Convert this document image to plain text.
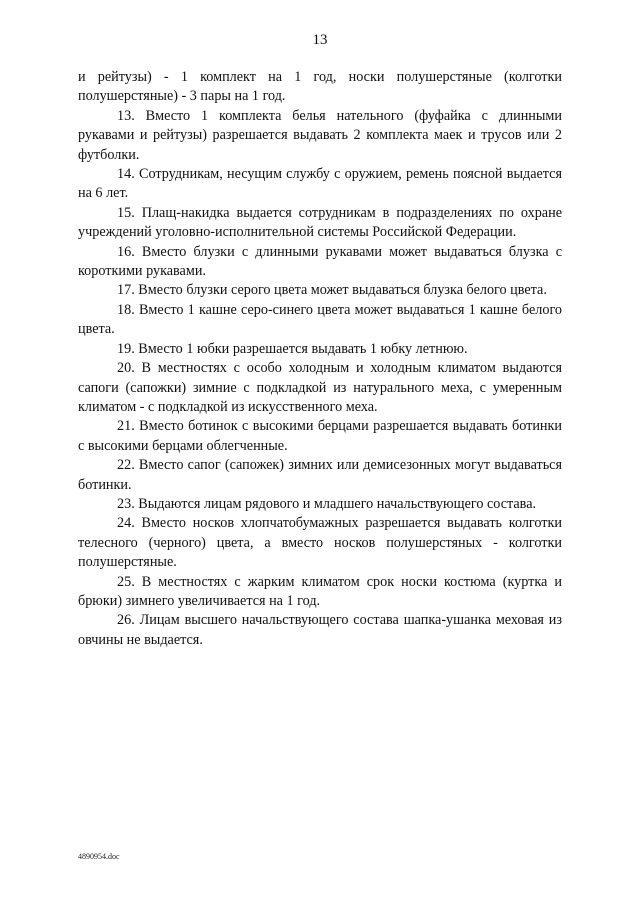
13

и рейтузы) - 1 комплект на 1 год, носки полушерстяные (колготки полушерстяные) - 3 пары на 1 год.

13. Вместо 1 комплекта белья нательного (фуфайка с длинными рукавами и рейтузы) разрешается выдавать 2 комплекта маек и трусов или 2 футболки.

14. Сотрудникам, несущим службу с оружием, ремень поясной выдается на 6 лет.

15. Плащ-накидка выдается сотрудникам в подразделениях по охране учреждений уголовно-исполнительной системы Российской Федерации.

16. Вместо блузки с длинными рукавами может выдаваться блузка с короткими рукавами.

17. Вместо блузки серого цвета может выдаваться блузка белого цвета.

18. Вместо 1 кашне серо-синего цвета может выдаваться 1 кашне белого цвета.

19. Вместо 1 юбки разрешается выдавать 1 юбку летнюю.

20. В местностях с особо холодным и холодным климатом выдаются сапоги (сапожки) зимние с подкладкой из натурального меха, с умеренным климатом - с подкладкой из искусственного меха.

21. Вместо ботинок с высокими берцами разрешается выдавать ботинки с высокими берцами облегченные.

22. Вместо сапог (сапожек) зимних или демисезонных могут выдаваться ботинки.

23. Выдаются лицам рядового и младшего начальствующего состава.

24. Вместо носков хлопчатобумажных разрешается выдавать колготки телесного (черного) цвета, а вместо носков полушерстяных - колготки полушерстяные.

25. В местностях с жарким климатом срок носки костюма (куртка и брюки) зимнего увеличивается на 1 год.

26. Лицам высшего начальствующего состава шапка-ушанка меховая из овчины не выдается.

4890954.doc
